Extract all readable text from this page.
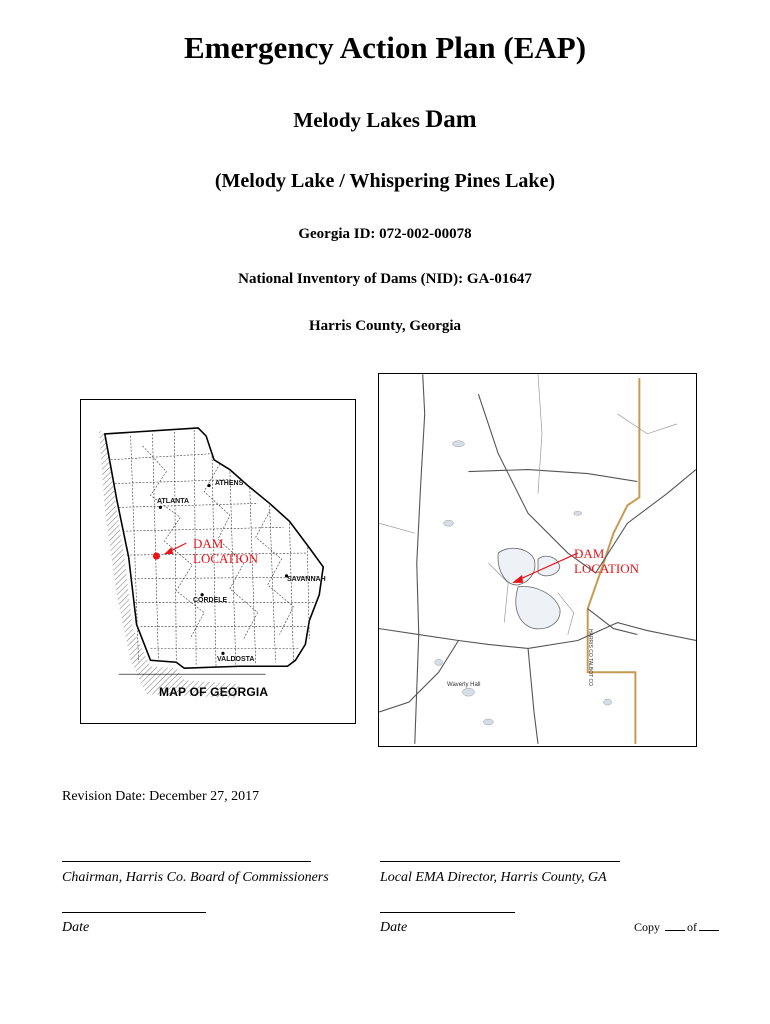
Emergency Action Plan (EAP)
Melody Lakes Dam
(Melody Lake / Whispering Pines Lake)
Georgia ID: 072-002-00078
National Inventory of Dams (NID): GA-01647
Harris County, Georgia
ATHENS
ATLANTA
SAVANNAH
CORDELE
VALDOSTA
DAM
LOCATION
MAP OF GEORGIA
DAM
LOCATION
Waverly Hall	HARRIS CO TALBOT CO
Revision Date: December 27, 2017
Chairman, Harris Co. Board of Commissioners	Local EMA Director, Harris County, GA
Date	Date	Copy of
